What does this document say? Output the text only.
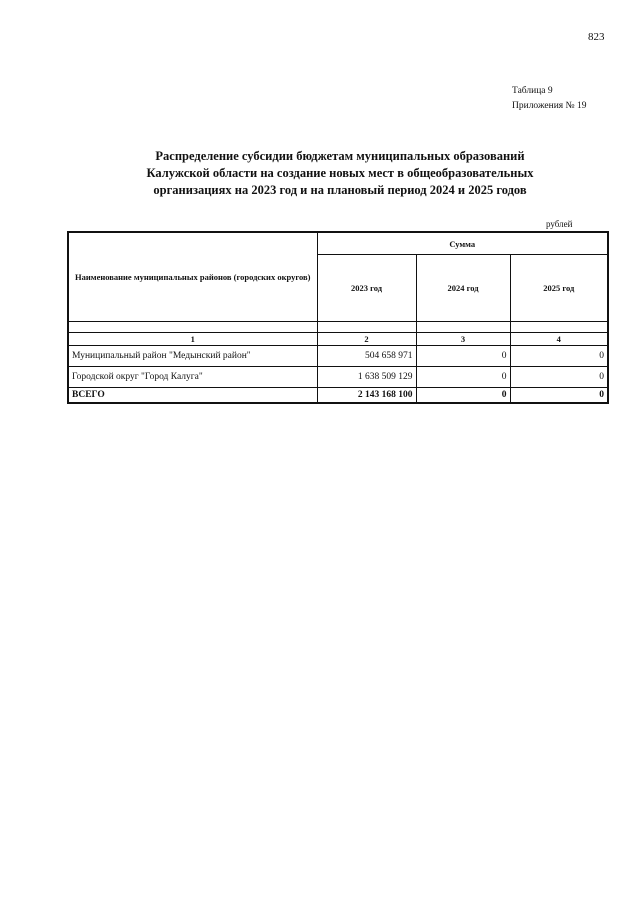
823
Таблица 9
Приложения № 19
Распределение субсидии бюджетам муниципальных образований
Калужской области на создание новых мест в общеобразовательных
организациях на 2023 год и на плановый период 2024 и 2025 годов
рублей
Наименование муниципальных районов (городских округов)	Сумма		
	2023 год	2024 год	2025 год

1	2	3	4
Муниципальный район "Медынский район"	504 658 971	0	0
Городской округ "Город Калуга"	1 638 509 129	0	0
ВСЕГО	2 143 168 100	0	0
